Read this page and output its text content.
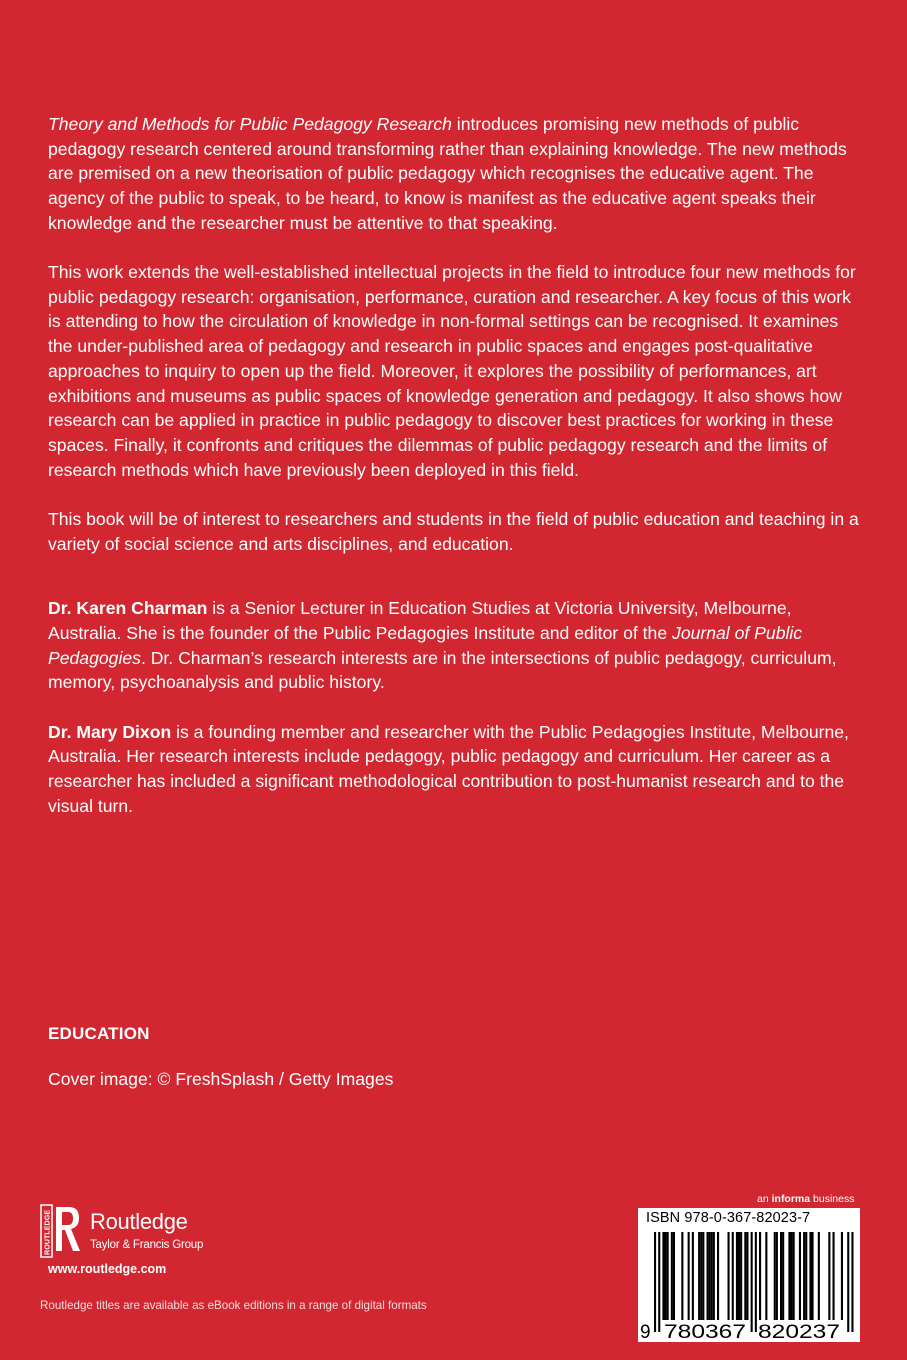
Theory and Methods for Public Pedagogy Research introduces promising new methods of public pedagogy research centered around transforming rather than explaining knowledge. The new methods are premised on a new theorisation of public pedagogy which recognises the educative agent. The agency of the public to speak, to be heard, to know is manifest as the educative agent speaks their knowledge and the researcher must be attentive to that speaking.

This work extends the well-established intellectual projects in the field to introduce four new methods for public pedagogy research: organisation, performance, curation and researcher. A key focus of this work is attending to how the circulation of knowledge in non-formal settings can be recognised. It examines the under-published area of pedagogy and research in public spaces and engages post-qualitative approaches to inquiry to open up the field. Moreover, it explores the possibility of performances, art exhibitions and museums as public spaces of knowledge generation and pedagogy. It also shows how research can be applied in practice in public pedagogy to discover best practices for working in these spaces. Finally, it confronts and critiques the dilemmas of public pedagogy research and the limits of research methods which have previously been deployed in this field.

This book will be of interest to researchers and students in the field of public education and teaching in a variety of social science and arts disciplines, and education.

Dr. Karen Charman is a Senior Lecturer in Education Studies at Victoria University, Melbourne, Australia. She is the founder of the Public Pedagogies Institute and editor of the Journal of Public Pedagogies. Dr. Charman’s research interests are in the intersections of public pedagogy, curriculum, memory, psychoanalysis and public history.

Dr. Mary Dixon is a founding member and researcher with the Public Pedagogies Institute, Melbourne, Australia. Her research interests include pedagogy, public pedagogy and curriculum. Her career as a researcher has included a significant methodological contribution to post-humanist research and to the visual turn.

EDUCATION
Cover image: © FreshSplash / Getty Images
ROUTLEDGE Routledge
Taylor & Francis Group
www.routledge.com
Routledge titles are available as eBook editions in a range of digital formats
an informa business
ISBN 978-0-367-82023-7
9 780367 820237
